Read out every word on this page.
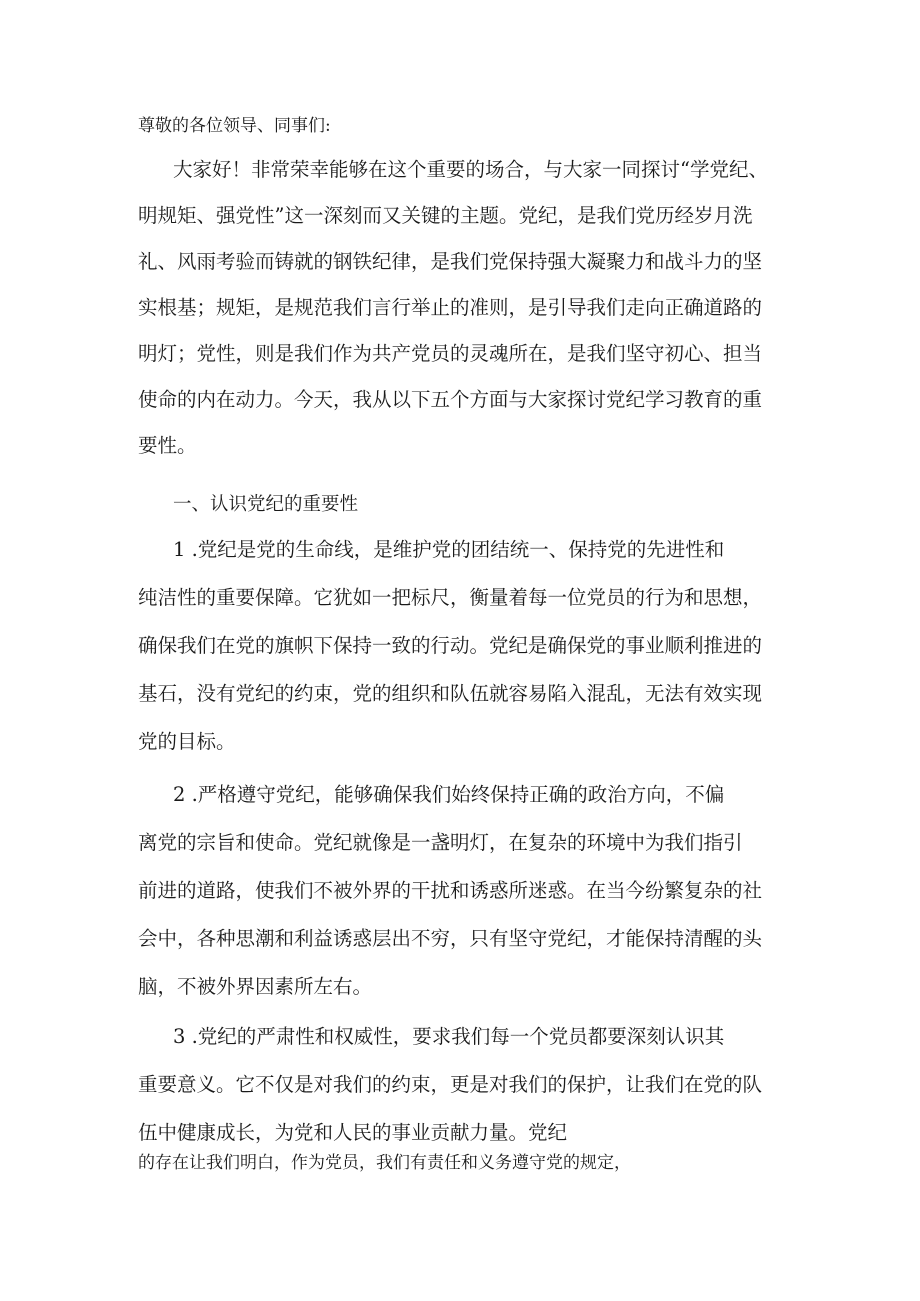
尊敬的各位领导、同事们:
大家好！非常荣幸能够在这个重要的场合，与大家一同探讨“学党纪、
明规矩、强党性”这一深刻而又关键的主题。党纪，是我们党历经岁月洗
礼、风雨考验而铸就的钢铁纪律，是我们党保持强大凝聚力和战斗力的坚
实根基；规矩，是规范我们言行举止的准则，是引导我们走向正确道路的
明灯；党性，则是我们作为共产党员的灵魂所在，是我们坚守初心、担当
使命的内在动力。今天，我从以下五个方面与大家探讨党纪学习教育的重
要性。
一、认识党纪的重要性
1 .党纪是党的生命线，是维护党的团结统一、保持党的先进性和
纯洁性的重要保障。它犹如一把标尺，衡量着每一位党员的行为和思想，
确保我们在党的旗帜下保持一致的行动。党纪是确保党的事业顺利推进的
基石，没有党纪的约束，党的组织和队伍就容易陷入混乱，无法有效实现
党的目标。
2 .严格遵守党纪，能够确保我们始终保持正确的政治方向，不偏
离党的宗旨和使命。党纪就像是一盏明灯，在复杂的环境中为我们指引
前进的道路，使我们不被外界的干扰和诱惑所迷惑。在当今纷繁复杂的社
会中，各种思潮和利益诱惑层出不穷，只有坚守党纪，才能保持清醒的头
脑，不被外界因素所左右。
3 .党纪的严肃性和权威性，要求我们每一个党员都要深刻认识其
重要意义。它不仅是对我们的约束，更是对我们的保护，让我们在党的队
伍中健康成长，为党和人民的事业贡献力量。党纪
的存在让我们明白，作为党员，我们有责任和义务遵守党的规定，
